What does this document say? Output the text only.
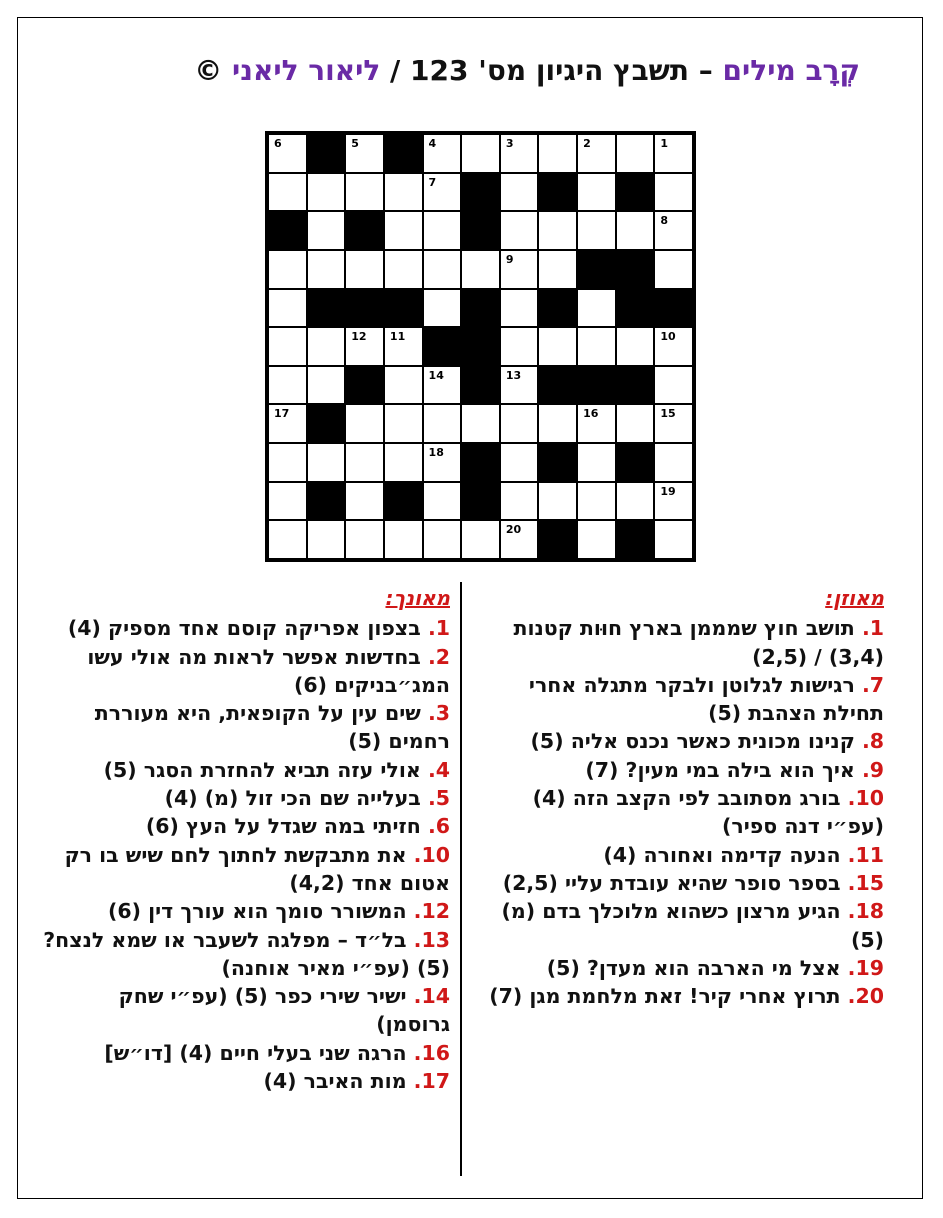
קְרָב מילים – תשבץ היגיון מס' 123 / ליאור ליאני ©
1
2
3
4
5
6
7
8
9
10
11
12
13
14
15
16
17
18
19
20
מאונך:
1. בצפון אפריקה קוסם אחד מספיק (4)
2. בחדשות אפשר לראות מה אולי עשו המג״בניקים (6)
3. שים עין על הקופאית, היא מעוררת רחמים (5)
4. אולי עזה תביא להחזרת הסגר (5)
5. בעלייה שם הכי זול (מ) (4)
6. חזיתי במה שגדל על העץ (6)
10. את מתבקשת לחתוך לחם שיש בו רק אטום אחד (4,2)
12. המשורר סומך הוא עורך דין (6)
13. בל״ד – מפלגה לשעבר או שמא לנצח? (5) (עפ״י מאיר אוחנה)
14. ישיר שירי כפר (5) (עפ״י שחק גרוסמן)
16. הרגה שני בעלי חיים (4) [דו״ש]
17. מות האיבר (4)
מאוזן:
1. תושב חוץ שמממן בארץ חוּות קטנות (3,4) / (2,5)
7. רגישות לגלוטן ולבקר מתגלה אחרי תחילת הצהבת (5)
8. קנינו מכונית כאשר נכנס אליה (5)
9. איך הוא בילה במי מעין? (7)
10. בורג מסתובב לפי הקצב הזה (4) (עפ״י דנה ספיר)
11. הנעה קדימה ואחורה (4)
15. בספר סופר שהיא עובדת עליי (2,5)
18. הגיע מרצון כשהוא מלוכלך בדם (מ) (5)
19. אצל מי הארבה הוא מעדן? (5)
20. תרוץ אחרי קיר! זאת מלחמת מגן (7)
